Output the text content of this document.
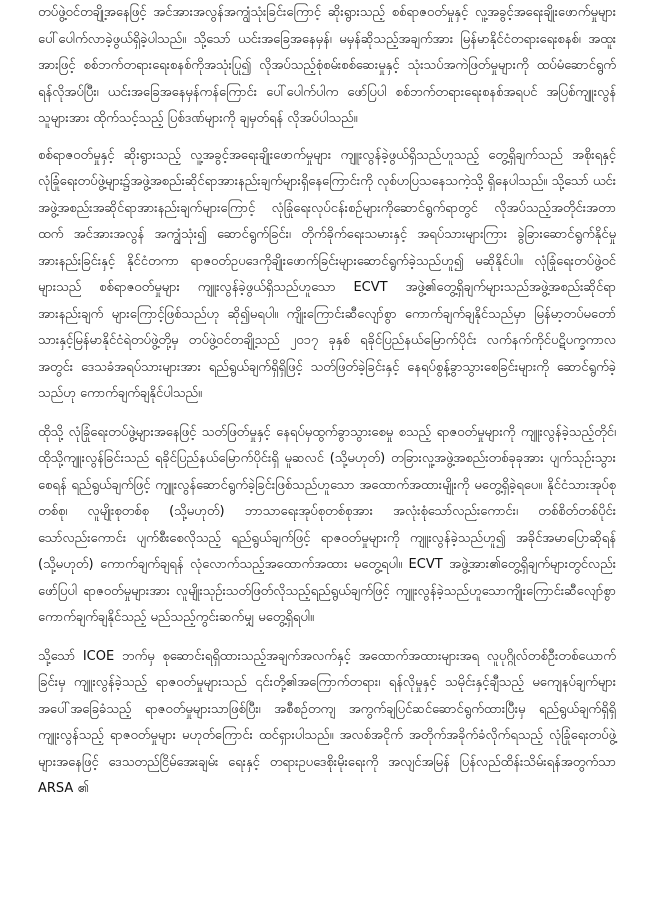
တပ်ဖွဲ့ဝင်တချို့အနေဖြင့် အင်အားအလွန်အကျွံသုံးခြင်းကြောင့် ဆိုးရွားသည့် စစ်ရာဇဝတ်မှုနှင့် လူ့အခွင့်အရေးချိုးဖောက်မှုများ ပေါ်ပေါက်လာခဲ့ဖွယ်ရှိခဲ့ပါသည်။ သို့သော် ယင်းအခြေအနေမှန်၊ မမှန်ဆိုသည့်အချက်အား မြန်မာနိုင်ငံတရားရေးစနစ်၊ အထူးအားဖြင့် စစ်ဘက်တရားရေးစနစ်ကိုအသုံးပြု၍ လိုအပ်သည့်စုံစမ်းစစ်ဆေးမှုနှင့် သုံးသပ်အကဲဖြတ်မှုများကို ထပ်မံဆောင်ရွက်ရန်လိုအပ်ပြီး၊ ယင်းအခြေအနေမှန်ကန်ကြောင်း ပေါ်ပေါက်ပါက ဖော်ပြပါ စစ်ဘက်တရားရေးစနစ်အရပင် အပြစ်ကျူးလွန်သူများအား ထိုက်သင့်သည့် ပြစ်ဒဏ်များကို ချမှတ်ရန် လိုအပ်ပါသည်။

စစ်ရာဇဝတ်မှုနှင့် ဆိုးရွားသည့် လူ့အခွင့်အရေးချိုးဖောက်မှုများ ကျူးလွန်ခဲ့ဖွယ်ရှိသည်ဟူသည့် တွေ့ရှိချက်သည် အစိုးရနှင့်လုံခြုံရေးတပ်ဖွဲ့များ၌အဖွဲ့အစည်းဆိုင်ရာအားနည်းချက်များရှိနေကြောင်းကို လုစ်ဟပြသနေသကဲ့သို့ ရှိနေပါသည်။ သို့သော် ယင်းအဖွဲ့အစည်းအဆိုင်ရာအားနည်းချက်များကြောင့် လုံခြုံရေးလုပ်ငန်းစဉ်များကိုဆောင်ရွက်ရာတွင် လိုအပ်သည့်အတိုင်းအတာထက် အင်အားအလွန် အကျွံသုံး၍ ဆောင်ရွက်ခြင်း၊ တိုက်ခိုက်ရေးသမားနှင့် အရပ်သားများကြား ခွဲခြားဆောင်ရွက်နိုင်မှုအားနည်းခြင်းနှင့် နိုင်ငံတကာ ရာဇဝတ်ဥပဒေကိုချိုးဖောက်ခြင်းများဆောင်ရွက်ခဲ့သည်ဟူ၍ မဆိုနိုင်ပါ။ လုံခြုံရေးတပ်ဖွဲ့ဝင်များသည် စစ်ရာဇဝတ်မှုများ ကျူးလွန်ခဲ့ဖွယ်ရှိသည်ဟူသော ECVT အဖွဲ့၏တွေ့ရှိချက်များသည်အဖွဲ့အစည်းဆိုင်ရာအားနည်းချက် များကြောင့်ဖြစ်သည်ဟု ဆို၍မရပါ။ ကျိုးကြောင်းဆီလျော်စွာ ကောက်ချက်ချနိုင်သည်မှာ မြန်မာ့တပ်မတော်သားနှင့်မြန်မာနိုင်ငံရဲတပ်ဖွဲ့တို့မှ တပ်ဖွဲ့ဝင်တချို့သည် ၂၀၁၇ ခုနှစ် ရခိုင်ပြည်နယ်မြောက်ပိုင်း လက်နက်ကိုင်ပဋိပက္ခကာလအတွင်း ဒေသခံအရပ်သားများအား ရည်ရွယ်ချက်ရှိရှိဖြင့် သတ်ဖြတ်ခဲ့ခြင်းနှင့် နေရပ်စွန့်ခွာသွားစေခြင်းများကို ဆောင်ရွက်ခဲ့သည်ဟု ကောက်ချက်ချနိုင်ပါသည်။

ထိုသို့ လုံခြုံရေးတပ်ဖွဲ့များအနေဖြင့် သတ်ဖြတ်မှုနှင့် နေရပ်မှထွက်ခွာသွားစေမှု စသည့် ရာဇဝတ်မှုများကို ကျူးလွန်ခဲ့သည့်တိုင်၊ ထိုသို့ကျူးလွန်ခြင်းသည် ရခိုင်ပြည်နယ်မြောက်ပိုင်းရှိ မူဆလင် (သို့မဟုတ်) တခြားလူ့အဖွဲ့အစည်းတစ်ခုခုအား ပျက်သုဉ်းသွားစေရန် ရည်ရွယ်ချက်ဖြင့် ကျူးလွန်ဆောင်ရွက်ခဲ့ခြင်းဖြစ်သည်ဟူသော အထောက်အထားမျိုးကို မတွေ့ရှိခဲ့ရပေ။ နိုင်ငံသားအုပ်စုတစ်စု၊ လူမျိုးစုတစ်စု (သို့မဟုတ်) ဘာသာရေးအုပ်စုတစ်စုအား အလုံးစုံသော်လည်းကောင်း၊ တစ်စိတ်တစ်ပိုင်းသော်လည်းကောင်း ပျက်စီးစေလိုသည့် ရည်ရွယ်ချက်ဖြင့် ရာဇဝတ်မှုများကို ကျူးလွန်ခဲ့သည်ဟူ၍ အခိုင်အမာပြောဆိုရန် (သို့မဟုတ်) ကောက်ချက်ချရန် လုံလောက်သည့်အထောက်အထား မတွေ့ရပါ။ ECVT အဖွဲ့အား၏တွေ့ရှိချက်များတွင်လည်း ဖော်ပြပါ ရာဇဝတ်မှုများအား လူမျိုးသုဉ်းသတ်ဖြတ်လိုသည့်ရည်ရွယ်ချက်ဖြင့် ကျူးလွန်ခဲ့သည်ဟူသောကျိုးကြောင်းဆီလျော်စွာကောက်ချက်ချနိုင်သည့် မည်သည့်ကွင်းဆက်မျှ မတွေ့ရှိရပါ။

သို့သော် ICOE ဘက်မှ စုဆောင်းရရှိထားသည့်အချက်အလက်နှင့် အထောက်အထားများအရ လူပုဂ္ဂိုလ်တစ်ဦးတစ်ယောက်ခြင်းမှ ကျူးလွန်ခဲ့သည့် ရာဇဝတ်မှုများသည် ၎င်းတို့၏အကြောက်တရား၊ ရန်လိုမှုနှင့် သမိုင်းနှင့်ချီသည့် မကျေနပ်ချက်များအပေါ်အခြေခံသည့် ရာဇဝတ်မှုများသာဖြစ်ပြီး၊ အစီစဉ်တကျ အကွက်ချပြင်ဆင်ဆောင်ရွက်ထားပြီးမှ ရည်ရွယ်ချက်ရှိရှိ ကျူးလွန်သည့် ရာဇဝတ်မှုများ မဟုတ်ကြောင်း ထင်ရှားပါသည်။ အလစ်အငိုက် အတိုက်အခိုက်ခံလိုက်ရသည့် လုံခြုံရေးတပ်ဖွဲ့များအနေဖြင့် ဒေသတည်ငြိမ်အေးချမ်း ရေးနှင့် တရားဥပဒေစိုးမိုးရေးကို အလျင်အမြန် ပြန်လည်ထိန်းသိမ်းရန်အတွက်သာ ARSA ၏
